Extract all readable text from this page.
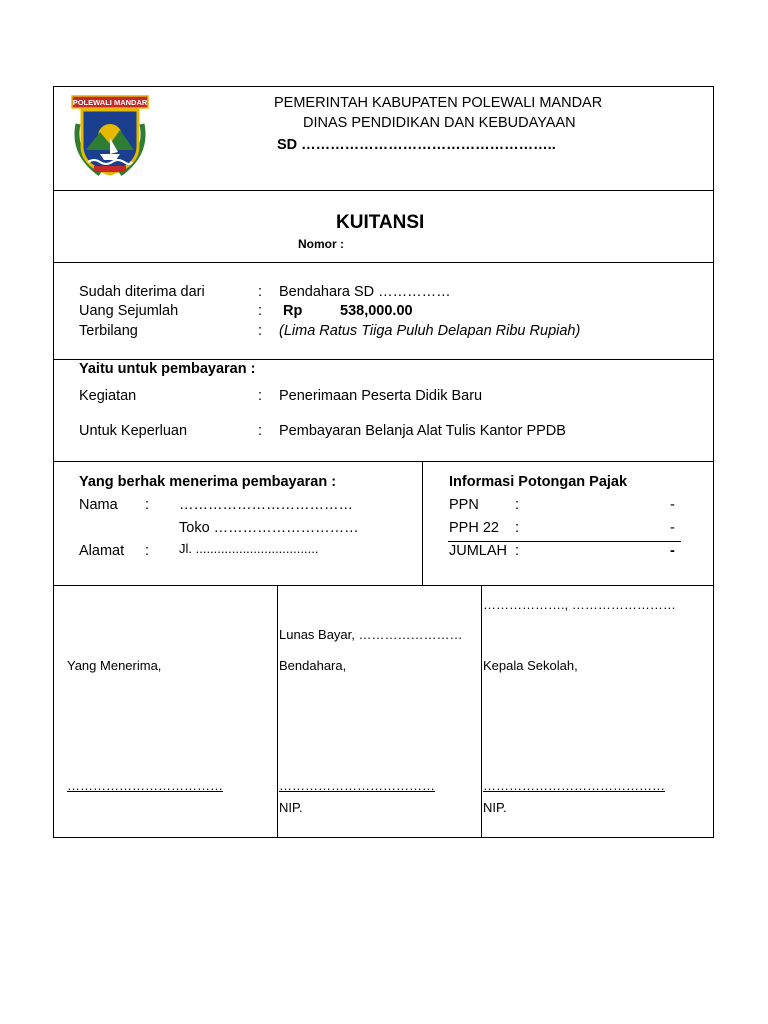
POLEWALI MANDAR	PEMERINTAH KABUPATEN POLEWALI MANDAR
DINAS PENDIDIKAN DAN KEBUDAYAAN
SD ……………………………………………..
KUITANSI
Nomor :
Sudah diterima dari	: Bendahara SD ……………
Uang Sejumlah	: Rp	538,000.00
Terbilang	: (Lima Ratus Tiiga Puluh Delapan Ribu Rupiah)
Yaitu untuk pembayaran :
Kegiatan	: Penerimaan Peserta Didik Baru
Untuk Keperluan	: Pembayaran Belanja Alat Tulis Kantor PPDB
Yang berhak menerima pembayaran :
Nama : ………………………………
Toko …………………………
Alamat : Jl. ..................................
Informasi Potongan Pajak
PPN :	-
PPH 22 :	-
JUMLAH :	-
Yang Menerima,
………………………………
Lunas Bayar, ……………………
Bendahara,
………………………………
NIP.
………………., ……………………
Kepala Sekolah,
……………………………………
NIP.
